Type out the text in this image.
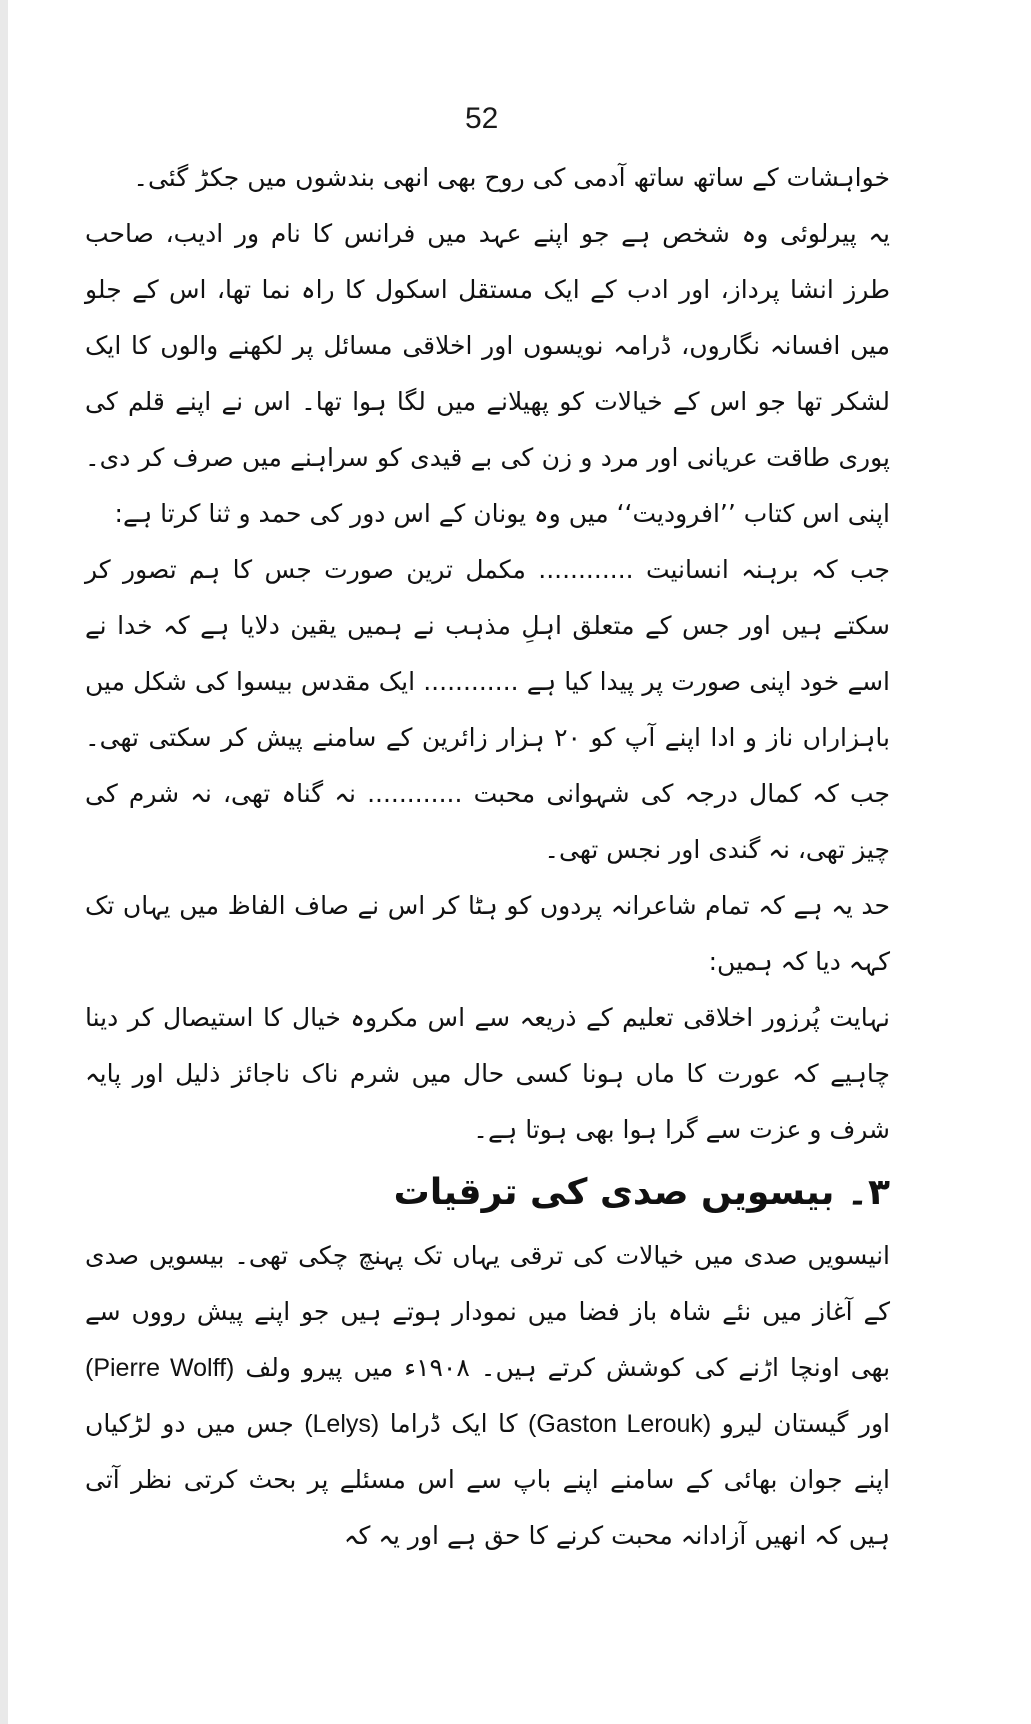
52

خواہشات کے ساتھ ساتھ آدمی کی روح بھی انھی بندشوں میں جکڑ گئی۔

یہ پیرلوئی وہ شخص ہے جو اپنے عہد میں فرانس کا نام ور ادیب، صاحب طرز انشا پرداز، اور ادب کے ایک مستقل اسکول کا راہ نما تھا، اس کے جلو میں افسانہ نگاروں، ڈرامہ نویسوں اور اخلاقی مسائل پر لکھنے والوں کا ایک لشکر تھا جو اس کے خیالات کو پھیلانے میں لگا ہوا تھا۔ اس نے اپنے قلم کی پوری طاقت عریانی اور مرد و زن کی بے قیدی کو سراہنے میں صرف کر دی۔ اپنی اس کتاب ’’افرودیت‘‘ میں وہ یونان کے اس دور کی حمد و ثنا کرتا ہے:

جب کہ برہنہ انسانیت ............ مکمل ترین صورت جس کا ہم تصور کر سکتے ہیں اور جس کے متعلق اہلِ مذہب نے ہمیں یقین دلایا ہے کہ خدا نے اسے خود اپنی صورت پر پیدا کیا ہے ............ ایک مقدس بیسوا کی شکل میں باہزاراں ناز و ادا اپنے آپ کو ۲۰ ہزار زائرین کے سامنے پیش کر سکتی تھی۔ جب کہ کمال درجہ کی شہوانی محبت ............ نہ گناہ تھی، نہ شرم کی چیز تھی، نہ گندی اور نجس تھی۔

حد یہ ہے کہ تمام شاعرانہ پردوں کو ہٹا کر اس نے صاف الفاظ میں یہاں تک کہہ دیا کہ ہمیں:

نہایت پُرزور اخلاقی تعلیم کے ذریعہ سے اس مکروہ خیال کا استیصال کر دینا چاہیے کہ عورت کا ماں ہونا کسی حال میں شرم ناک ناجائز ذلیل اور پایہ شرف و عزت سے گرا ہوا بھی ہوتا ہے۔

۳۔ بیسویں صدی کی ترقیات

انیسویں صدی میں خیالات کی ترقی یہاں تک پہنچ چکی تھی۔ بیسویں صدی کے آغاز میں نئے شاہ باز فضا میں نمودار ہوتے ہیں جو اپنے پیش رووں سے بھی اونچا اڑنے کی کوشش کرتے ہیں۔ ۱۹۰۸ء میں پیرو ولف (Pierre Wolff) اور گیستان لیرو (Gaston Lerouk) کا ایک ڈراما (Lelys) جس میں دو لڑکیاں اپنے جوان بھائی کے سامنے اپنے باپ سے اس مسئلے پر بحث کرتی نظر آتی ہیں کہ انھیں آزادانہ محبت کرنے کا حق ہے اور یہ کہ
